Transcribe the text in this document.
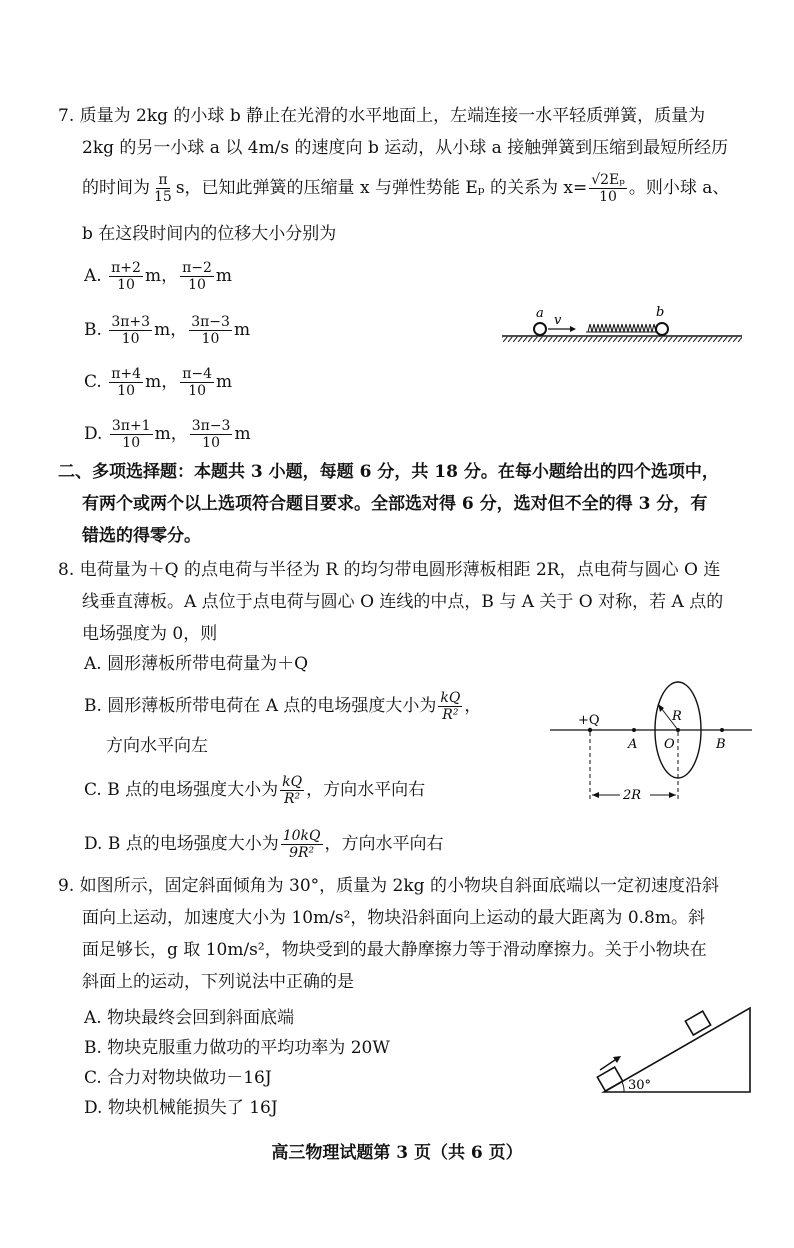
7. 质量为 2kg 的小球 b 静止在光滑的水平地面上，左端连接一水平轻质弹簧，质量为
2kg 的另一小球 a 以 4m/s 的速度向 b 运动，从小球 a 接触弹簧到压缩到最短所经历
的时间为 $\frac{\pi}{15}$ s，已知此弹簧的压缩量 x 与弹性势能 Eₚ 的关系为 $x= \frac{\text{√2Eₚ}}{10}$ 。则小球 a、
b 在这段时间内的位移大小分别为
A. $\frac{\pi+2}{10}$ m， $\frac{\pi-2}{10}$ m
B. $\frac{3\pi+3}{10}$ m， $\frac{3\pi-3}{10}$ m
C. $\frac{\pi+4}{10}$ m， $\frac{\pi-4}{10}$ m
D. $\frac{3\pi+1}{10}$ m， $\frac{3\pi-3}{10}$ m
a v
b
二、多项选择题：本题共 3 小题，每题 6 分，共 18 分。在每小题给出的四个选项中，
有两个或两个以上选项符合题目要求。全部选对得 6 分，选对但不全的得 3 分，有
错选的得零分。
8. 电荷量为＋Q 的点电荷与半径为 R 的均匀带电圆形薄板相距 2R，点电荷与圆心 O 连
线垂直薄板。A 点位于点电荷与圆心 O 连线的中点，B 与 A 关于 O 对称，若 A 点的
电场强度为 0，则
A. 圆形薄板所带电荷量为＋Q
B. 圆形薄板所带电荷在 A 点的电场强度大小为 $\frac{kQ}{\text{R²}}$ ，
方向水平向左
C. B 点的电场强度大小为 $\frac{kQ}{\text{R²}}$ ，方向水平向右
D. B 点的电场强度大小为 $\frac{10kQ}{\text{9R²}}$ ，方向水平向右
+Q
A O	B
R
2R
9. 如图所示，固定斜面倾角为 30°，质量为 2kg 的小物块自斜面底端以一定初速度沿斜
面向上运动，加速度大小为 10m/s²，物块沿斜面向上运动的最大距离为 0.8m。斜
面足够长，g 取 10m/s²，物块受到的最大静摩擦力等于滑动摩擦力。关于小物块在
斜面上的运动，下列说法中正确的是
A. 物块最终会回到斜面底端
B. 物块克服重力做功的平均功率为 20W
C. 合力对物块做功－16J
D. 物块机械能损失了 16J
30°
高三物理试题第 3 页（共 6 页）
